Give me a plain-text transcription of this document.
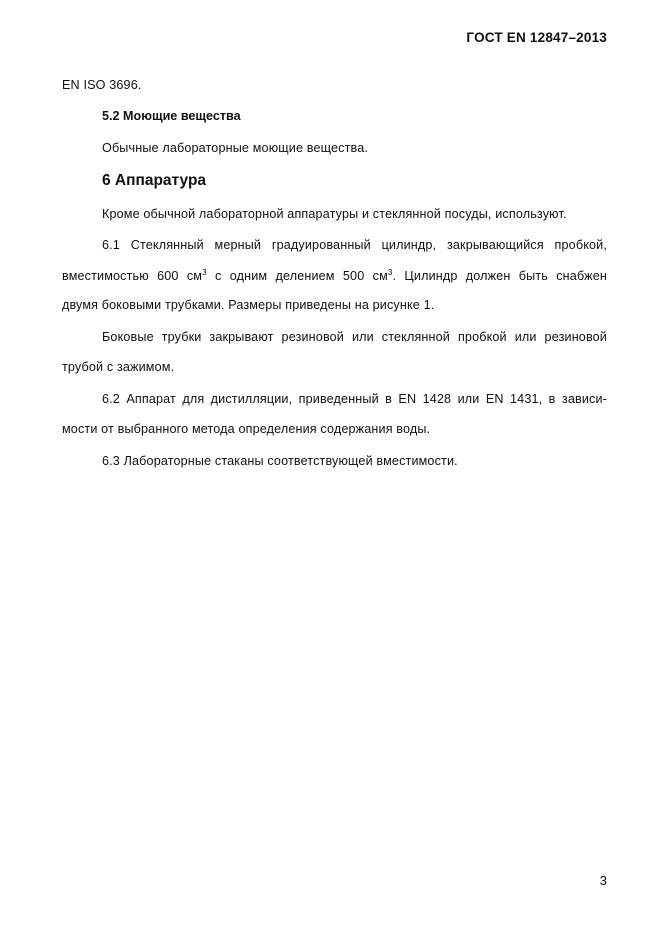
ГОСТ EN 12847–2013
EN ISO 3696.
5.2 Моющие вещества
Обычные лабораторные моющие вещества.
6 Аппаратура
Кроме обычной лабораторной аппаратуры и стеклянной посуды, используют.
6.1 Стеклянный мерный градуированный цилиндр, закрывающийся пробкой,
вместимостью 600 $см^3$ с одним делением 500 $см^3$. Цилиндр должен быть снабжен
двумя боковыми трубками. Размеры приведены на рисунке 1.
Боковые трубки закрывают резиновой или стеклянной пробкой или резиновой
трубой с зажимом.
6.2 Аппарат для дистилляции, приведенный в EN 1428 или EN 1431, в зависи-
мости от выбранного метода определения содержания воды.
6.3 Лабораторные стаканы соответствующей вместимости.
3
